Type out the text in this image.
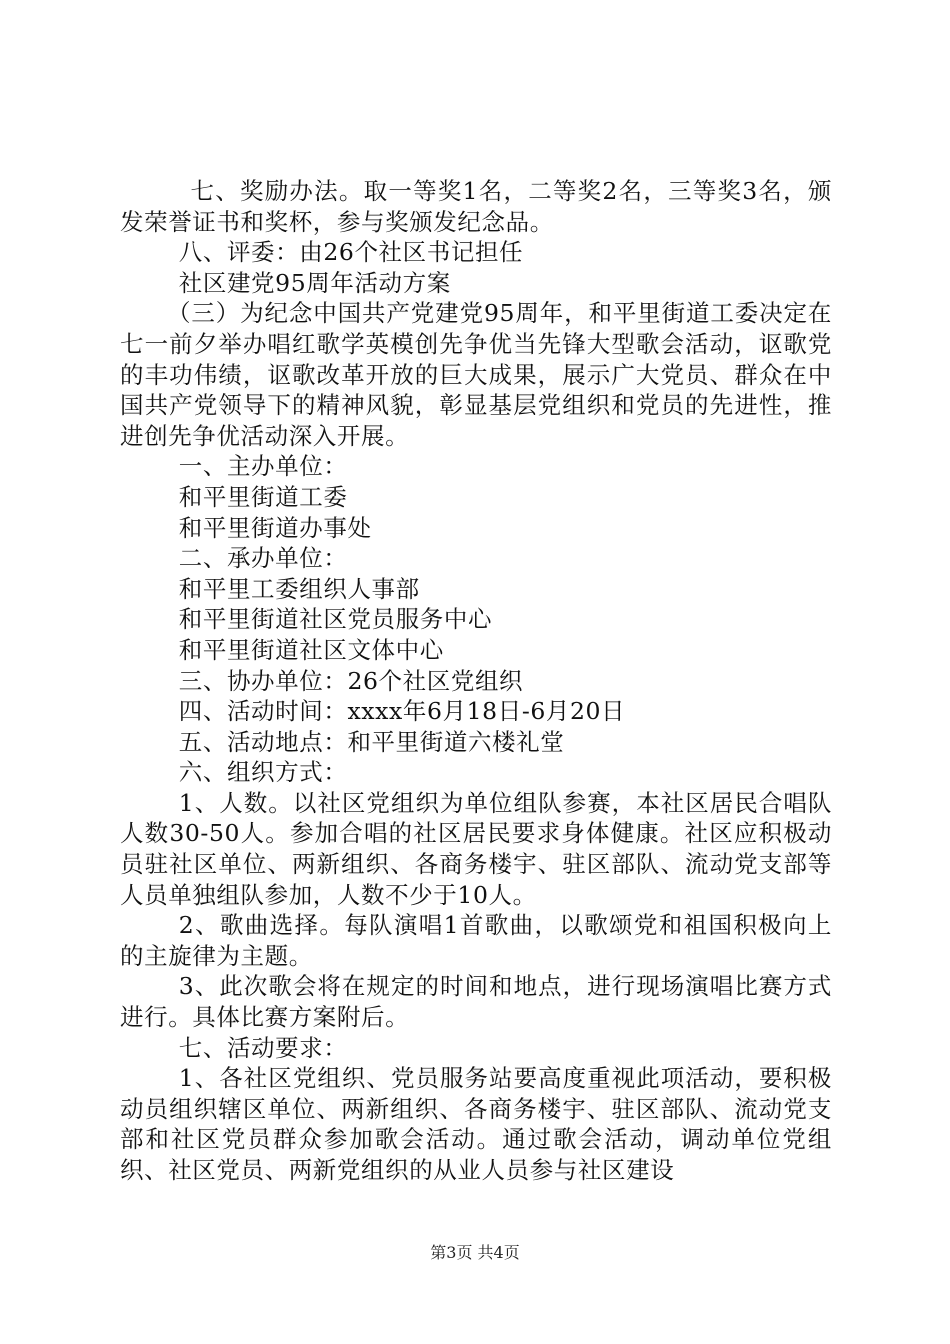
七、奖励办法。取一等奖1名，二等奖2名，三等奖3名，颁发荣誉证书和奖杯，参与奖颁发纪念品。

八、评委：由26个社区书记担任

社区建党95周年活动方案

（三）为纪念中国共产党建党95周年，和平里街道工委决定在七一前夕举办唱红歌学英模创先争优当先锋大型歌会活动，讴歌党的丰功伟绩，讴歌改革开放的巨大成果，展示广大党员、群众在中国共产党领导下的精神风貌，彰显基层党组织和党员的先进性，推进创先争优活动深入开展。

一、主办单位：

和平里街道工委

和平里街道办事处

二、承办单位：

和平里工委组织人事部

和平里街道社区党员服务中心

和平里街道社区文体中心

三、协办单位：26个社区党组织

四、活动时间：xxxx年6月18日-6月20日

五、活动地点：和平里街道六楼礼堂

六、组织方式：

1、人数。以社区党组织为单位组队参赛，本社区居民合唱队人数30-50人。参加合唱的社区居民要求身体健康。社区应积极动员驻社区单位、两新组织、各商务楼宇、驻区部队、流动党支部等人员单独组队参加，人数不少于10人。

2、歌曲选择。每队演唱1首歌曲，以歌颂党和祖国积极向上的主旋律为主题。

3、此次歌会将在规定的时间和地点，进行现场演唱比赛方式进行。具体比赛方案附后。

七、活动要求：

1、各社区党组织、党员服务站要高度重视此项活动，要积极动员组织辖区单位、两新组织、各商务楼宇、驻区部队、流动党支部和社区党员群众参加歌会活动。通过歌会活动，调动单位党组织、社区党员、两新党组织的从业人员参与社区建设

第3页 共4页
